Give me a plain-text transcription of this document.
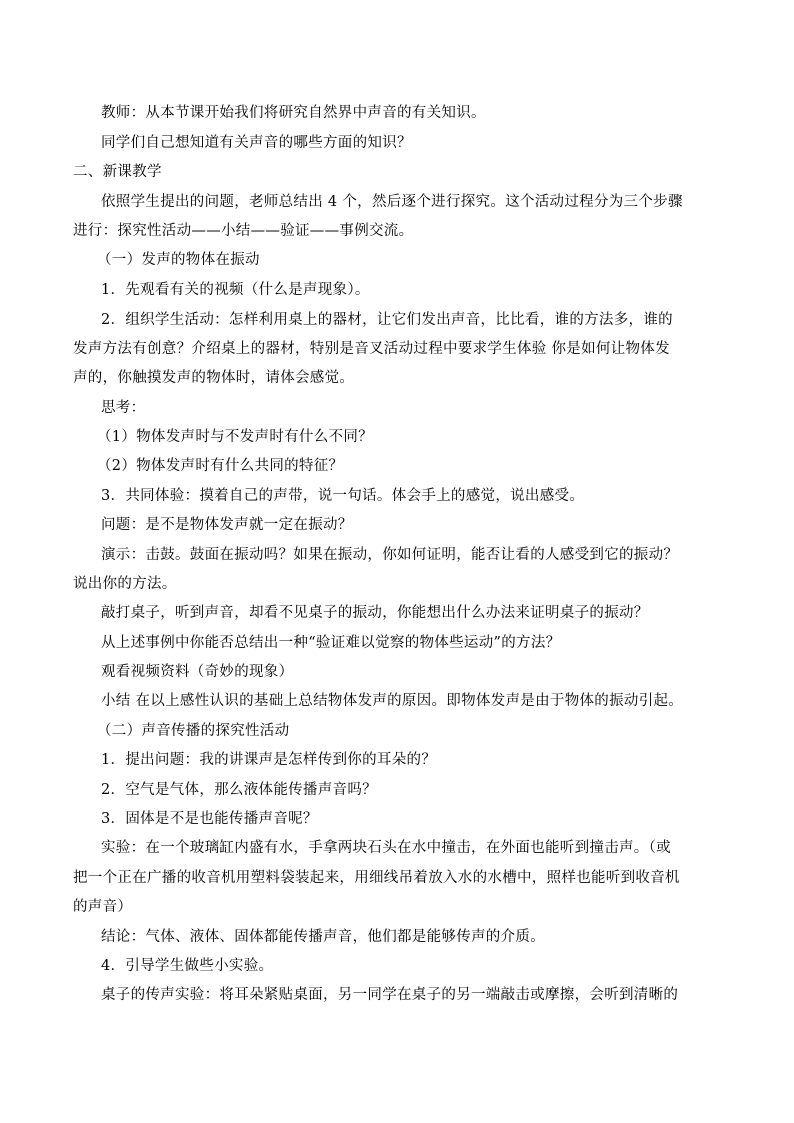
教师：从本节课开始我们将研究自然界中声音的有关知识。
同学们自己想知道有关声音的哪些方面的知识？
二、新课教学
依照学生提出的问题，老师总结出 4 个，然后逐个进行探究。这个活动过程分为三个步骤
进行：探究性活动——小结——验证——事例交流。
（一）发声的物体在振动
1．先观看有关的视频（什么是声现象）。
2．组织学生活动：怎样利用桌上的器材，让它们发出声音，比比看，谁的方法多，谁的
发声方法有创意？介绍桌上的器材，特别是音叉活动过程中要求学生体验 你是如何让物体发
声的，你触摸发声的物体时，请体会感觉。
思考：
（1）物体发声时与不发声时有什么不同？
（2）物体发声时有什么共同的特征？
3．共同体验：摸着自己的声带，说一句话。体会手上的感觉，说出感受。
问题：是不是物体发声就一定在振动？
演示：击鼓。鼓面在振动吗？如果在振动，你如何证明，能否让看的人感受到它的振动？
说出你的方法。
敲打桌子，听到声音，却看不见桌子的振动，你能想出什么办法来证明桌子的振动？
从上述事例中你能否总结出一种“验证难以觉察的物体些运动”的方法？
观看视频资料（奇妙的现象）
小结 在以上感性认识的基础上总结物体发声的原因。即物体发声是由于物体的振动引起。
（二）声音传播的探究性活动
1．提出问题：我的讲课声是怎样传到你的耳朵的？
2．空气是气体，那么液体能传播声音吗？
3．固体是不是也能传播声音呢？
实验：在一个玻璃缸内盛有水，手拿两块石头在水中撞击，在外面也能听到撞击声。（或
把一个正在广播的收音机用塑料袋装起来，用细线吊着放入水的水槽中，照样也能听到收音机
的声音）
结论：气体、液体、固体都能传播声音，他们都是能够传声的介质。
4．引导学生做些小实验。
桌子的传声实验：将耳朵紧贴桌面，另一同学在桌子的另一端敲击或摩擦，会听到清晰的
